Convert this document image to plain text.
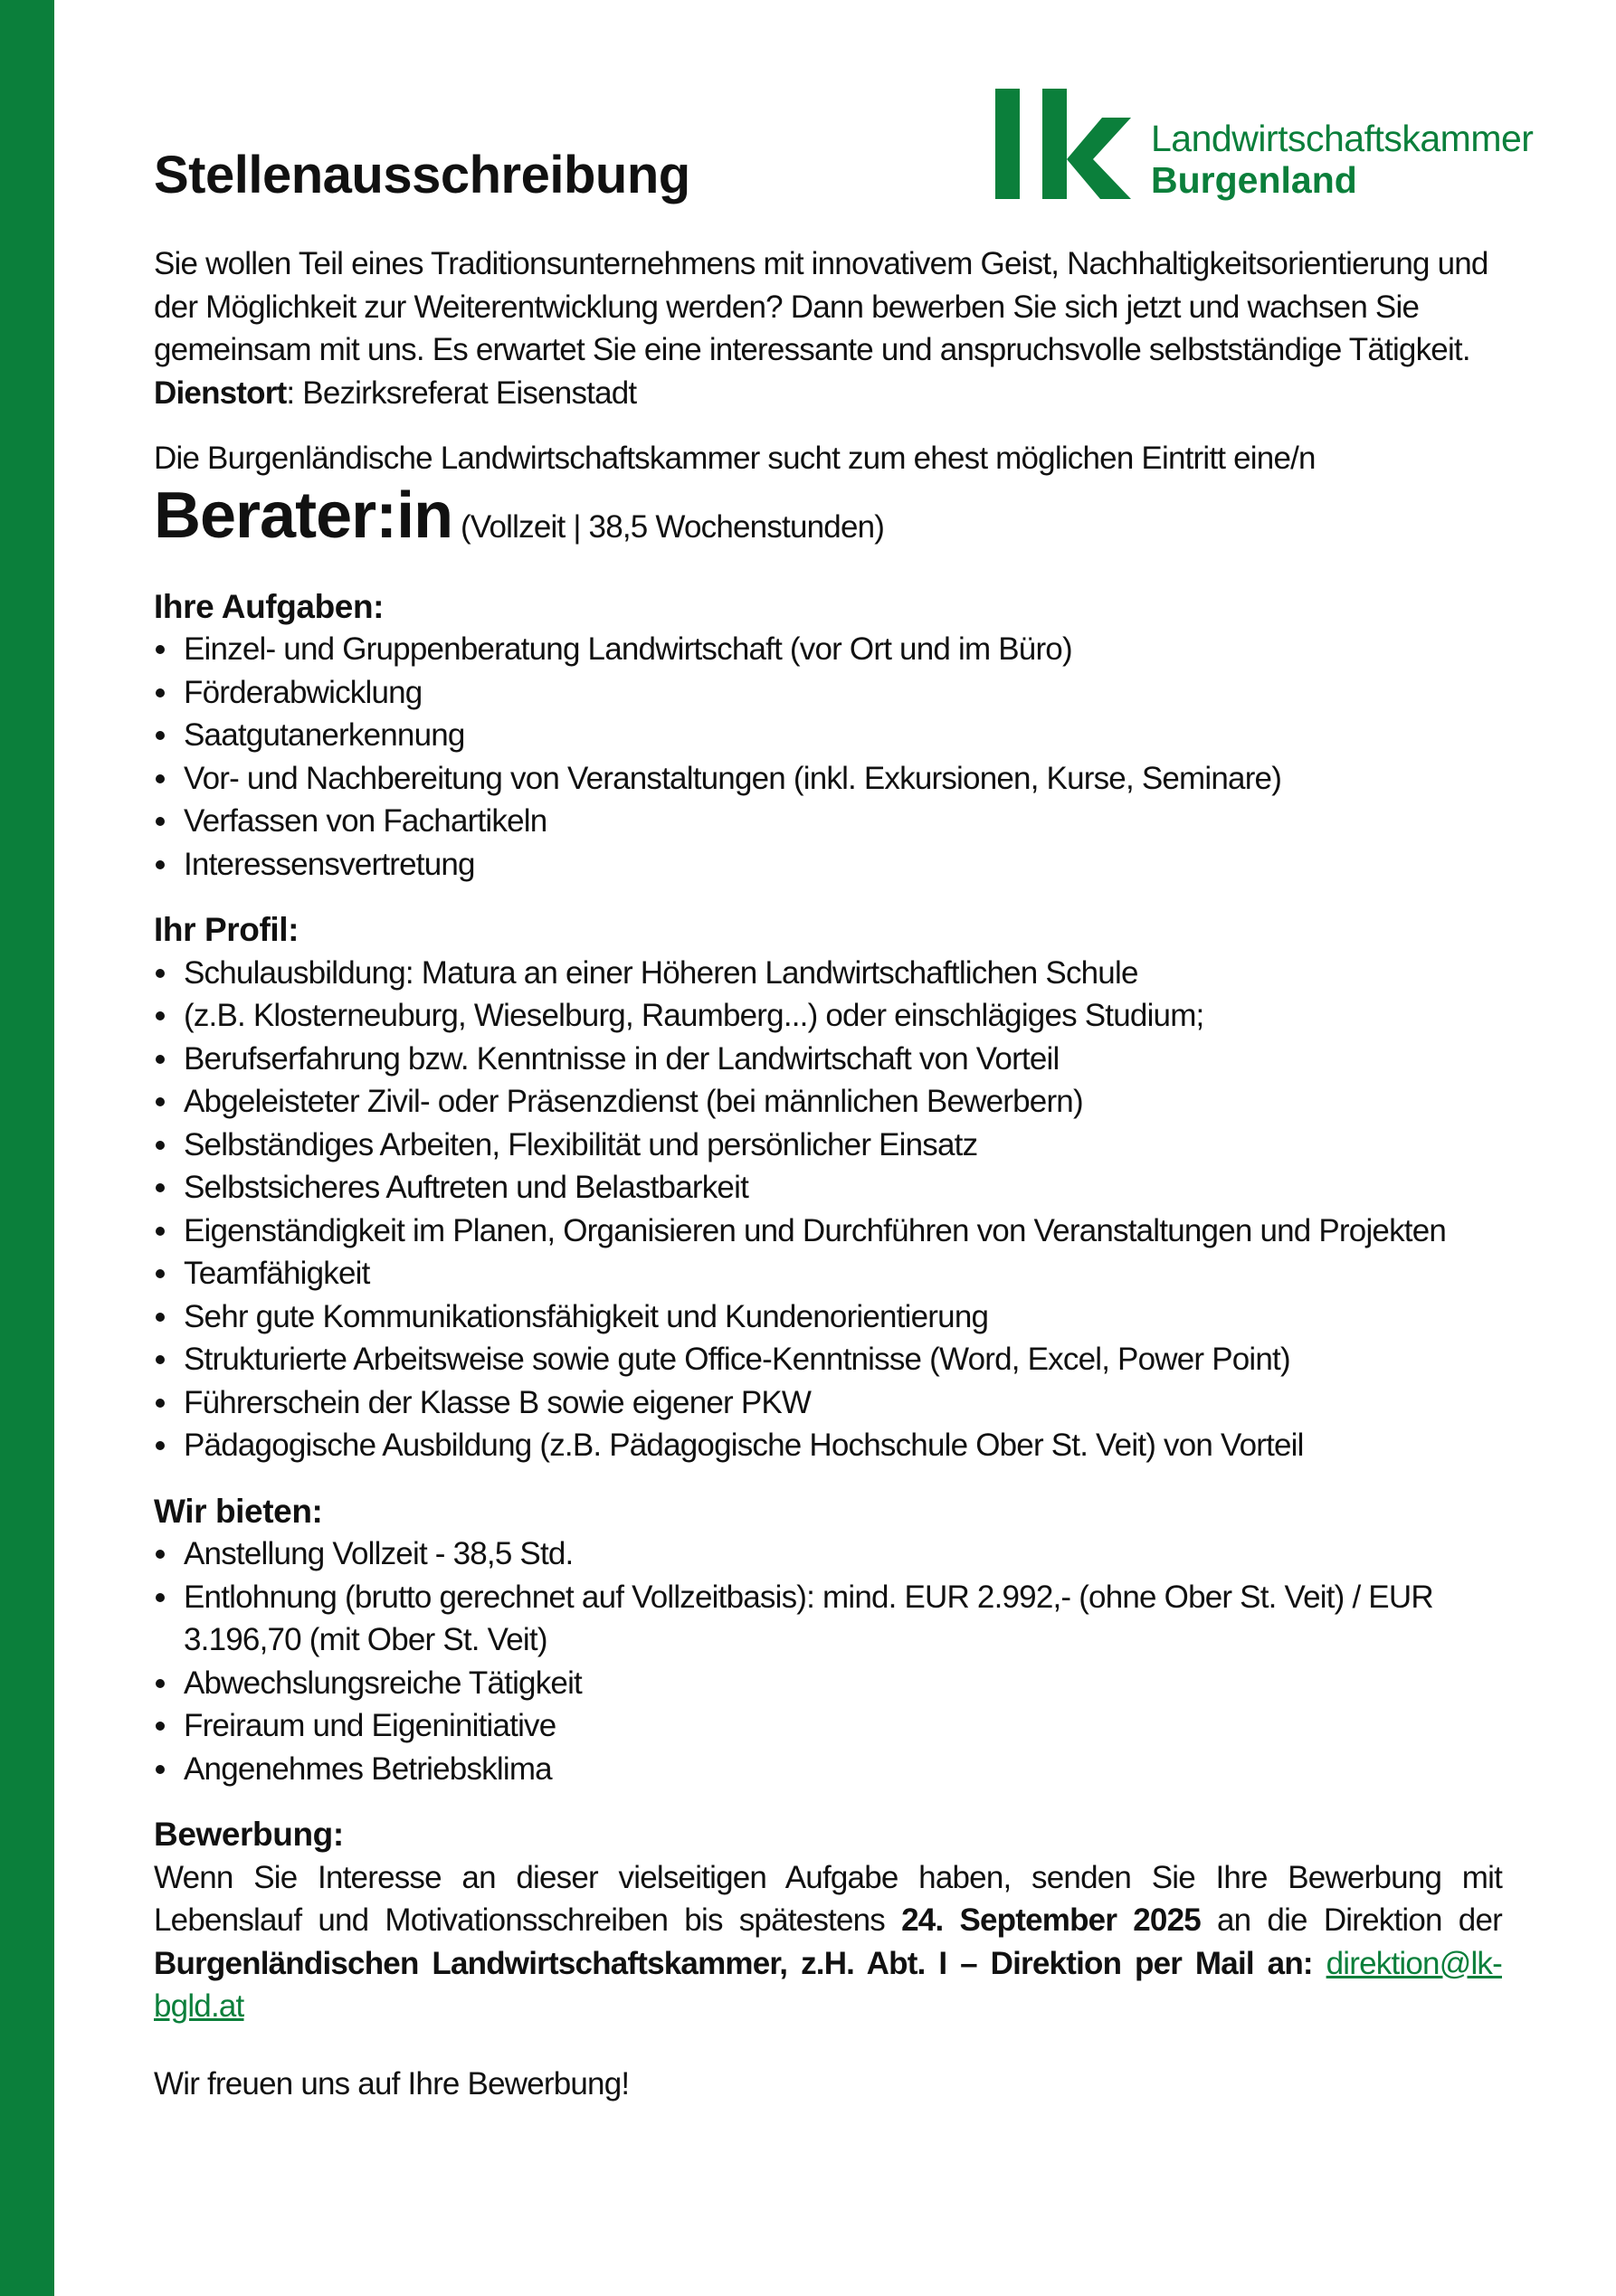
Landwirtschaftskammer
Burgenland
Stellenausschreibung

Sie wollen Teil eines Traditionsunternehmens mit innovativem Geist, Nachhaltigkeitsorientierung und der Möglichkeit zur Weiterentwicklung werden? Dann bewerben Sie sich jetzt und wachsen Sie gemeinsam mit uns. Es erwartet Sie eine interessante und anspruchsvolle selbstständige Tätigkeit.

Dienstort: Bezirksreferat Eisenstadt

Die Burgenländische Landwirtschaftskammer sucht zum ehest möglichen Eintritt eine/n

Berater:in (Vollzeit | 38,5 Wochenstunden)

Ihre Aufgaben:

Einzel- und Gruppenberatung Landwirtschaft (vor Ort und im Büro)
Förderabwicklung
Saatgutanerkennung
Vor- und Nachbereitung von Veranstaltungen (inkl. Exkursionen, Kurse, Seminare)
Verfassen von Fachartikeln
Interessensvertretung

Ihr Profil:

Schulausbildung: Matura an einer Höheren Landwirtschaftlichen Schule
(z.B. Klosterneuburg, Wieselburg, Raumberg...) oder einschlägiges Studium;
Berufserfahrung bzw. Kenntnisse in der Landwirtschaft von Vorteil
Abgeleisteter Zivil- oder Präsenzdienst (bei männlichen Bewerbern)
Selbständiges Arbeiten, Flexibilität und persönlicher Einsatz
Selbstsicheres Auftreten und Belastbarkeit
Eigenständigkeit im Planen, Organisieren und Durchführen von Veranstaltungen und Projekten
Teamfähigkeit
Sehr gute Kommunikationsfähigkeit und Kundenorientierung
Strukturierte Arbeitsweise sowie gute Office-Kenntnisse (Word, Excel, Power Point)
Führerschein der Klasse B sowie eigener PKW
Pädagogische Ausbildung (z.B. Pädagogische Hochschule Ober St. Veit) von Vorteil

Wir bieten:

Anstellung Vollzeit - 38,5 Std.
Entlohnung (brutto gerechnet auf Vollzeitbasis): mind. EUR 2.992,- (ohne Ober St. Veit) / EUR 3.196,70 (mit Ober St. Veit)
Abwechslungsreiche Tätigkeit
Freiraum und Eigeninitiative
Angenehmes Betriebsklima

Bewerbung:

Wenn Sie Interesse an dieser vielseitigen Aufgabe haben, senden Sie Ihre Bewerbung mit Lebenslauf und Motivationsschreiben bis spätestens 24. September 2025 an die Direktion der Burgenländischen Landwirtschaftskammer, z.H. Abt. I – Direktion per Mail an: direktion@lk-bgld.at

Wir freuen uns auf Ihre Bewerbung!
